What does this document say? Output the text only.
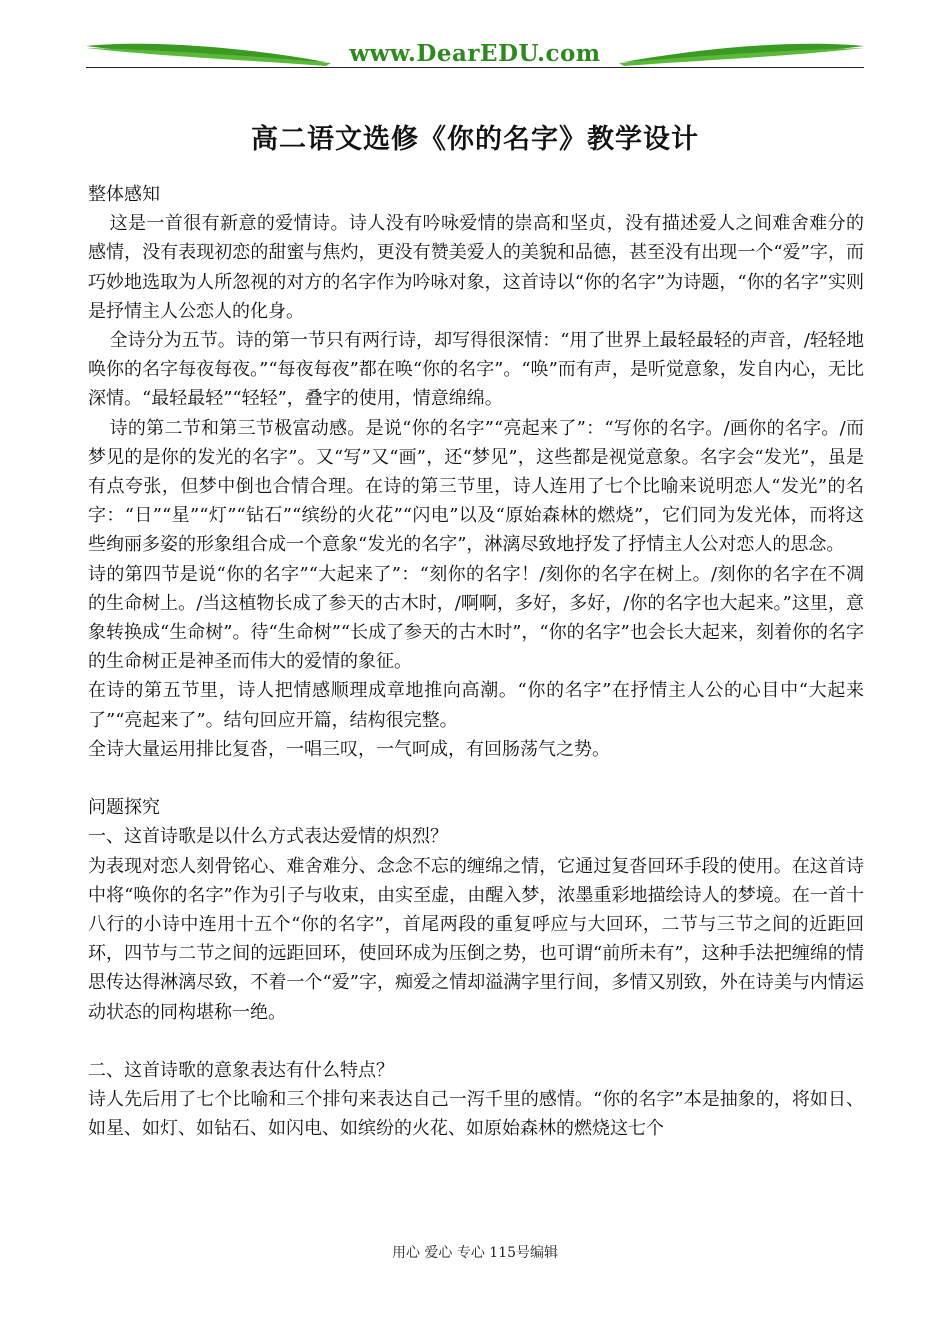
www.DearEDU.com
高二语文选修《你的名字》教学设计

整体感知

这是一首很有新意的爱情诗。诗人没有吟咏爱情的崇高和坚贞，没有描述爱人之间难舍难分的感情，没有表现初恋的甜蜜与焦灼，更没有赞美爱人的美貌和品德，甚至没有出现一个“爱”字，而巧妙地选取为人所忽视的对方的名字作为吟咏对象，这首诗以“你的名字”为诗题，“你的名字”实则是抒情主人公恋人的化身。

全诗分为五节。诗的第一节只有两行诗，却写得很深情：“用了世界上最轻最轻的声音，/轻轻地唤你的名字每夜每夜。”“每夜每夜”都在唤“你的名字”。“唤”而有声，是听觉意象，发自内心，无比深情。“最轻最轻”“轻轻”，叠字的使用，情意绵绵。

诗的第二节和第三节极富动感。是说“你的名字”“亮起来了”：“写你的名字。/画你的名字。/而梦见的是你的发光的名字”。又“写”又“画”，还“梦见”，这些都是视觉意象。名字会“发光”，虽是有点夸张，但梦中倒也合情合理。在诗的第三节里，诗人连用了七个比喻来说明恋人“发光”的名字：“日”“星”“灯”“钻石”“缤纷的火花”“闪电”以及“原始森林的燃烧”，它们同为发光体，而将这些绚丽多姿的形象组合成一个意象“发光的名字”，淋漓尽致地抒发了抒情主人公对恋人的思念。

诗的第四节是说“你的名字”“大起来了”：“刻你的名字！/刻你的名字在树上。/刻你的名字在不凋的生命树上。/当这植物长成了参天的古木时，/啊啊，多好，多好，/你的名字也大起来。”这里，意象转换成“生命树”。待“生命树”“长成了参天的古木时”，“你的名字”也会长大起来，刻着你的名字的生命树正是神圣而伟大的爱情的象征。

在诗的第五节里，诗人把情感顺理成章地推向高潮。“你的名字”在抒情主人公的心目中“大起来了”“亮起来了”。结句回应开篇，结构很完整。

全诗大量运用排比复沓，一唱三叹，一气呵成，有回肠荡气之势。

问题探究

一、这首诗歌是以什么方式表达爱情的炽烈？

为表现对恋人刻骨铭心、难舍难分、念念不忘的缠绵之情，它通过复沓回环手段的使用。在这首诗中将“唤你的名字”作为引子与收束，由实至虚，由醒入梦，浓墨重彩地描绘诗人的梦境。在一首十八行的小诗中连用十五个“你的名字”，首尾两段的重复呼应与大回环，二节与三节之间的近距回环，四节与二节之间的远距回环，使回环成为压倒之势，也可谓“前所未有”，这种手法把缠绵的情思传达得淋漓尽致，不着一个“爱”字，痴爱之情却溢满字里行间，多情又别致，外在诗美与内情运动状态的同构堪称一绝。

二、这首诗歌的意象表达有什么特点？

诗人先后用了七个比喻和三个排句来表达自己一泻千里的感情。“你的名字”本是抽象的，将如日、如星、如灯、如钻石、如闪电、如缤纷的火花、如原始森林的燃烧这七个

用心 爱心 专心 115号编辑
